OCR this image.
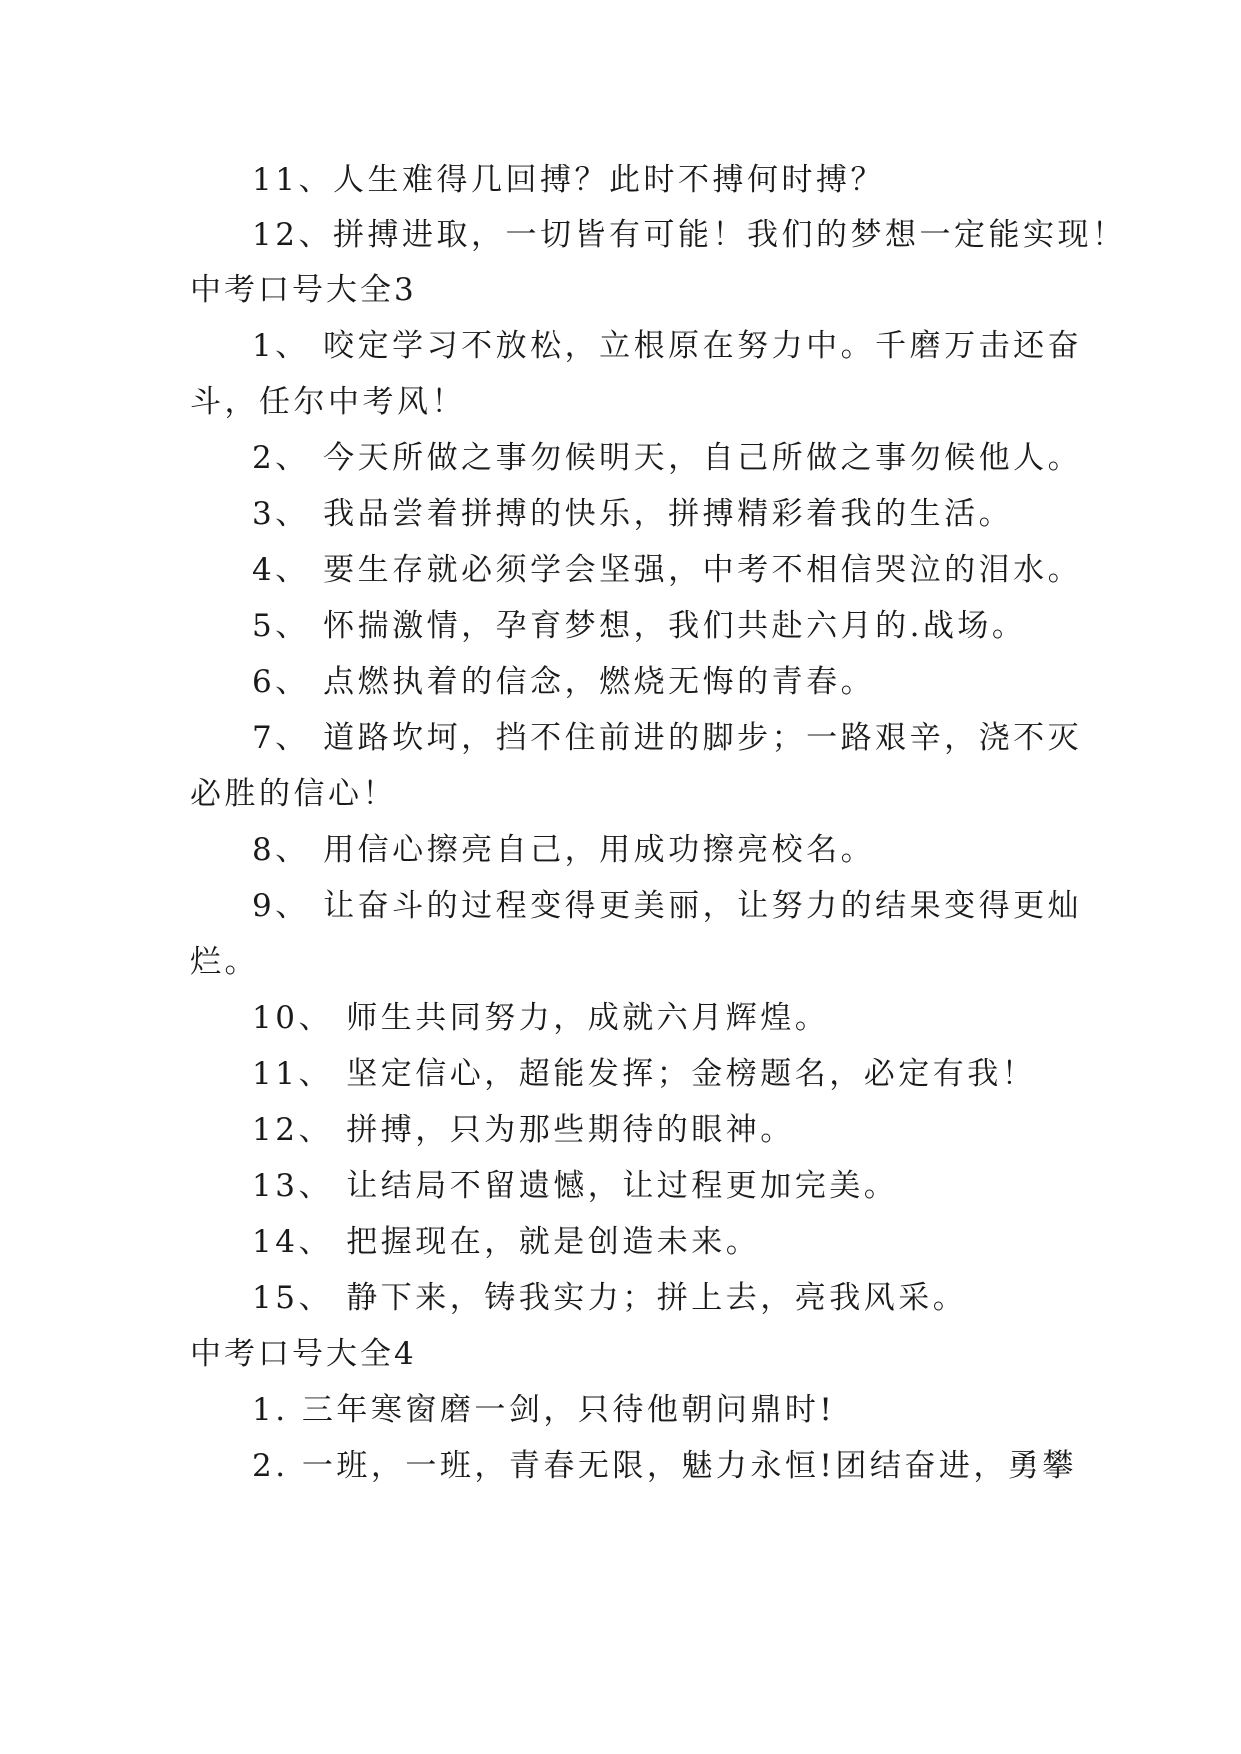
11、人生难得几回搏？此时不搏何时搏？
12、拼搏进取，一切皆有可能！我们的梦想一定能实现！
中考口号大全3
1、 咬定学习不放松，立根原在努力中。千磨万击还奋
斗，任尔中考风！
2、 今天所做之事勿候明天，自己所做之事勿候他人。
3、 我品尝着拼搏的快乐，拼搏精彩着我的生活。
4、 要生存就必须学会坚强，中考不相信哭泣的泪水。
5、 怀揣激情，孕育梦想，我们共赴六月的.战场。
6、 点燃执着的信念，燃烧无悔的青春。
7、 道路坎坷，挡不住前进的脚步；一路艰辛，浇不灭
必胜的信心！
8、 用信心擦亮自己，用成功擦亮校名。
9、 让奋斗的过程变得更美丽，让努力的结果变得更灿
烂。
10、 师生共同努力，成就六月辉煌。
11、 坚定信心，超能发挥；金榜题名，必定有我！
12、 拼搏，只为那些期待的眼神。
13、 让结局不留遗憾，让过程更加完美。
14、 把握现在，就是创造未来。
15、 静下来，铸我实力；拼上去，亮我风采。
中考口号大全4
1. 三年寒窗磨一剑，只待他朝问鼎时!
2. 一班，一班，青春无限，魅力永恒!团结奋进，勇攀
